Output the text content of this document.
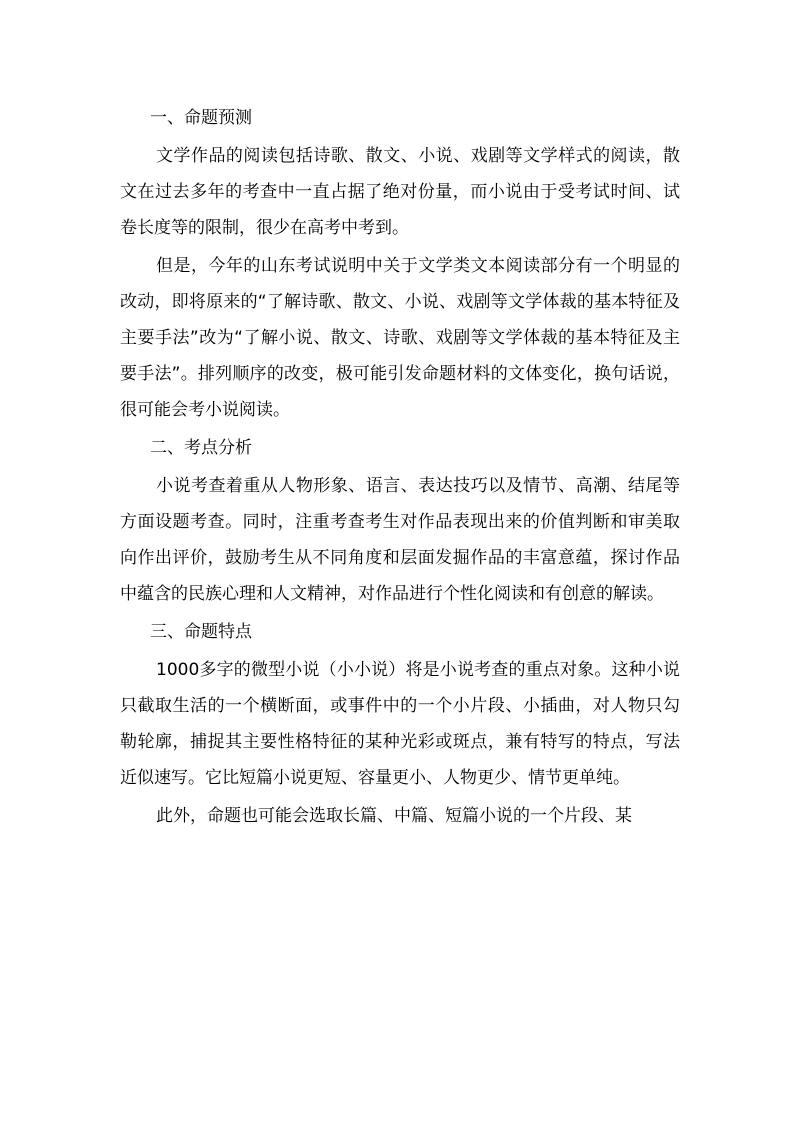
一、命题预测

文学作品的阅读包括诗歌、散文、小说、戏剧等文学样式的阅读，散文在过去多年的考查中一直占据了绝对份量，而小说由于受考试时间、试卷长度等的限制，很少在高考中考到。

但是，今年的山东考试说明中关于文学类文本阅读部分有一个明显的改动，即将原来的“了解诗歌、散文、小说、戏剧等文学体裁的基本特征及主要手法”改为“了解小说、散文、诗歌、戏剧等文学体裁的基本特征及主要手法”。排列顺序的改变，极可能引发命题材料的文体变化，换句话说，很可能会考小说阅读。

二、考点分析

小说考查着重从人物形象、语言、表达技巧以及情节、高潮、结尾等方面设题考查。同时，注重考查考生对作品表现出来的价值判断和审美取向作出评价，鼓励考生从不同角度和层面发掘作品的丰富意蕴，探讨作品中蕴含的民族心理和人文精神，对作品进行个性化阅读和有创意的解读。

三、命题特点

1000多字的微型小说（小小说）将是小说考查的重点对象。这种小说只截取生活的一个横断面，或事件中的一个小片段、小插曲，对人物只勾勒轮廓，捕捉其主要性格特征的某种光彩或斑点，兼有特写的特点，写法近似速写。它比短篇小说更短、容量更小、人物更少、情节更单纯。

此外，命题也可能会选取长篇、中篇、短篇小说的一个片段、某
